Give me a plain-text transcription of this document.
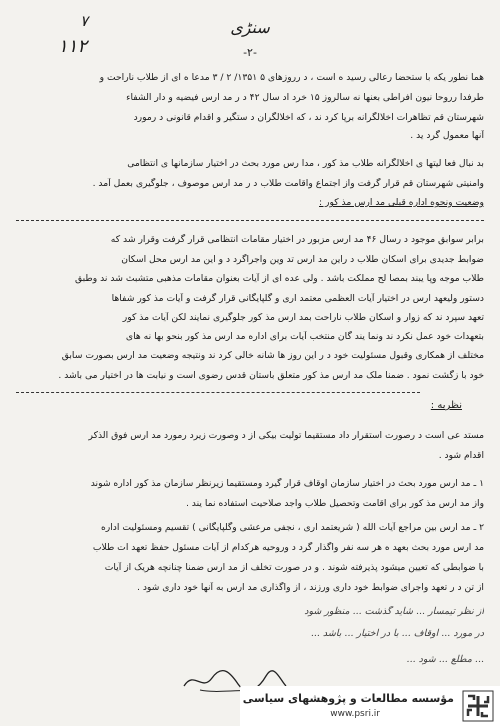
۷
۱۱۲
سنڑی
-۲-
هما نطور یکه با ستحضا رعالی رسید ه است ، د رروزهای ۵ ۱۳۵۱/ ۲ / ۳ مدعا ه ای از طلاب ناراحت و
طرفدا رروحا نیون افراطی بعنها نه سالروز ۱۵ خرد اد سال ۴۲ د ر مد ارس فیضیه و دار الشفاء
شهرستان قم تظاهرات اخلالگرانه برپا کرد ند ، که اخلالگران د ستگیر و اقدام قانونی د رمورد
آنها معمول گرد ید .
بد نبال فعا لیتها ی اخلالگرانه طلاب مذ کور ، مدا رس مورد بحث در اختیار سازمانها ی انتظامی
وامنیتی شهرستان قم قرار گرفت واز اجتماع واقامت طلاب د ر مد ارس موصوف ، جلوگیری بعمل آمد .
وضعیت ونحوه اداره قبلی مد ارس مذ کور :
برابر سوابق موجود د رسال ۴۶ مد ارس مزبور در اختیار مقامات انتظامی قرار گرفت وقرار شد که
ضوابط جدیدی برای اسکان طلاب د راین مد ارس تد وین واجراگرد د و این مد ارس محل اسکان
طلاب موجه وپا یبند بمصا لح مملکت باشد . ولی عده ای از آیات بعنوان مقامات مذهبی متشبث شد ند وطبق
دستور ولیعهد ارس در اختیار آیات العظمی معتمد اری و گلپایگانی قرار گرفت و آیات مذ کور شفاها
تعهد سپرد ند که زوار و اسکان طلاب ناراحت بمد ارس مذ کور جلوگیری نمایند لکن آیات مذ کور
بتعهدات خود عمل نکرد ند ونما یند گان منتخب آیات برای اداره مد ارس مذ کور بنحو بها نه های
مختلف از همکاری وقبول مسئولیت خود د ر این روز ها شانه خالی کرد ند ونتیجه وضعیت مد ارس بصورت سابق
خود با زگشت نمود . ضمنا ملک مد ارس مذ کور متعلق باستان قدس رضوی است و نیابت ها در اختیار می باشد .
نظریه :
مستد عی است د رصورت استقرار داد مستقیما تولیت بیکی از د وصورت زیرد رمورد مد ارس فوق الذکر
اقدام شود .
۱ ـ مد ارس مورد بحث در اختیار سازمان اوقاف قرار گیرد ومستقیما زیرنظر سازمان مذ کور اداره شوند
واز مد ارس مذ کور برای اقامت وتحصیل طلاب واجد صلاحیت استفاده نما یند .
۲ ـ مد ارس بین مراجع آیات الله ( شریعتمد اری ، نجفی مرعشی وگلپایگانی ) تقسیم ومسئولیت اداره
مد ارس مورد بحث بعهد ه هر سه نفر واگذار گرد د وروحیه هرکدام از آیات مسئول حفظ تعهد ات طلاب
با ضوابطی که تعیین میشود پذیرفته شوند . و در صورت تخلف از مد ارس ضمنا چنانچه هریک از آیات
از تن د ر تعهد واجرای ضوابط خود داری ورزند ، از واگذاری مد ارس به آنها خود داری شود .
از نظر تیمسار ... شاید گذشت ... منظور شود
در مورد ... اوقاف ... با در اختیار ... باشد ...
... مطلع ... شود ...
مؤسسه مطالعات و پژوهشهای سیاسی
www.psri.ir
